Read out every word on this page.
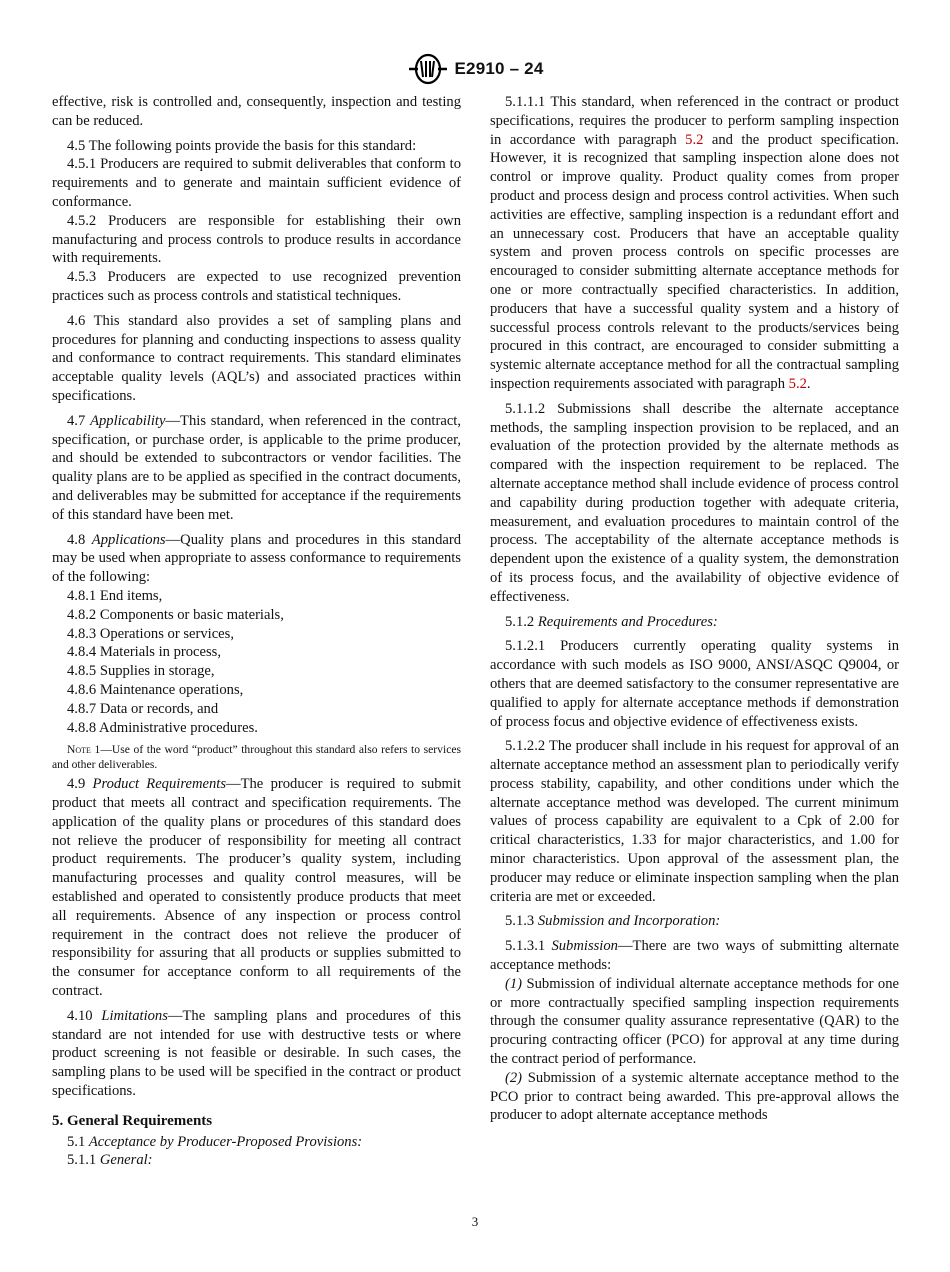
E2910 – 24

effective, risk is controlled and, consequently, inspection and testing can be reduced.

4.5 The following points provide the basis for this standard:

4.5.1 Producers are required to submit deliverables that conform to requirements and to generate and maintain sufficient evidence of conformance.

4.5.2 Producers are responsible for establishing their own manufacturing and process controls to produce results in accordance with requirements.

4.5.3 Producers are expected to use recognized prevention practices such as process controls and statistical techniques.

4.6 This standard also provides a set of sampling plans and procedures for planning and conducting inspections to assess quality and conformance to contract requirements. This standard eliminates acceptable quality levels (AQL’s) and associated practices within specifications.

4.7 Applicability—This standard, when referenced in the contract, specification, or purchase order, is applicable to the prime producer, and should be extended to subcontractors or vendor facilities. The quality plans are to be applied as specified in the contract documents, and deliverables may be submitted for acceptance if the requirements of this standard have been met.

4.8 Applications—Quality plans and procedures in this standard may be used when appropriate to assess conformance to requirements of the following:

4.8.1 End items,

4.8.2 Components or basic materials,

4.8.3 Operations or services,

4.8.4 Materials in process,

4.8.5 Supplies in storage,

4.8.6 Maintenance operations,

4.8.7 Data or records, and

4.8.8 Administrative procedures.

Note 1—Use of the word “product” throughout this standard also refers to services and other deliverables.

4.9 Product Requirements—The producer is required to submit product that meets all contract and specification requirements. The application of the quality plans or procedures of this standard does not relieve the producer of responsibility for meeting all contract product requirements. The producer’s quality system, including manufacturing processes and quality control measures, will be established and operated to consistently produce products that meet all requirements. Absence of any inspection or process control requirement in the contract does not relieve the producer of responsibility for assuring that all products or supplies submitted to the consumer for acceptance conform to all requirements of the contract.

4.10 Limitations—The sampling plans and procedures of this standard are not intended for use with destructive tests or where product screening is not feasible or desirable. In such cases, the sampling plans to be used will be specified in the contract or product specifications.

5. General Requirements

5.1 Acceptance by Producer-Proposed Provisions:

5.1.1 General:

5.1.1.1 This standard, when referenced in the contract or product specifications, requires the producer to perform sampling inspection in accordance with paragraph 5.2 and the product specification. However, it is recognized that sampling inspection alone does not control or improve quality. Product quality comes from proper product and process design and process control activities. When such activities are effective, sampling inspection is a redundant effort and an unnecessary cost. Producers that have an acceptable quality system and proven process controls on specific processes are encouraged to consider submitting alternate acceptance methods for one or more contractually specified characteristics. In addition, producers that have a successful quality system and a history of successful process controls relevant to the products/services being procured in this contract, are encouraged to consider submitting a systemic alternate acceptance method for all the contractual sampling inspection requirements associated with paragraph 5.2.

5.1.1.2 Submissions shall describe the alternate acceptance methods, the sampling inspection provision to be replaced, and an evaluation of the protection provided by the alternate methods as compared with the inspection requirement to be replaced. The alternate acceptance method shall include evidence of process control and capability during production together with adequate criteria, measurement, and evaluation procedures to maintain control of the process. The acceptability of the alternate acceptance methods is dependent upon the existence of a quality system, the demonstration of its process focus, and the availability of objective evidence of effectiveness.

5.1.2 Requirements and Procedures:

5.1.2.1 Producers currently operating quality systems in accordance with such models as ISO 9000, ANSI/ASQC Q9004, or others that are deemed satisfactory to the consumer representative are qualified to apply for alternate acceptance methods if demonstration of process focus and objective evidence of effectiveness exists.

5.1.2.2 The producer shall include in his request for approval of an alternate acceptance method an assessment plan to periodically verify process stability, capability, and other conditions under which the alternate acceptance method was developed. The current minimum values of process capability are equivalent to a Cpk of 2.00 for critical characteristics, 1.33 for major characteristics, and 1.00 for minor characteristics. Upon approval of the assessment plan, the producer may reduce or eliminate inspection sampling when the plan criteria are met or exceeded.

5.1.3 Submission and Incorporation:

5.1.3.1 Submission—There are two ways of submitting alternate acceptance methods:

(1) Submission of individual alternate acceptance methods for one or more contractually specified sampling inspection requirements through the consumer quality assurance representative (QAR) to the procuring contracting officer (PCO) for approval at any time during the contract period of performance.

(2) Submission of a systemic alternate acceptance method to the PCO prior to contract being awarded. This pre-approval allows the producer to adopt alternate acceptance methods

3
